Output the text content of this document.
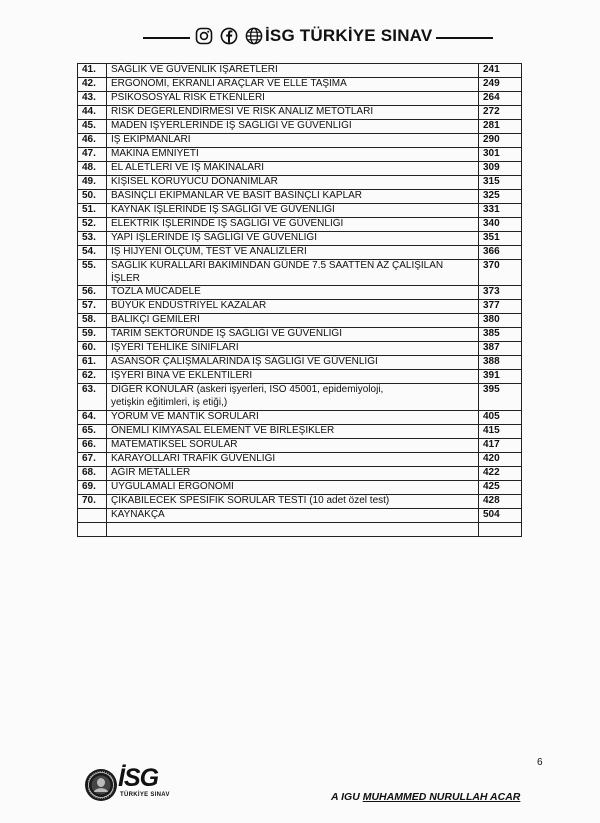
İSG TÜRKİYE SINAV
41.	SAĞLIK VE GÜVENLİK İŞARETLERİ	241
42.	ERGONOMİ, EKRANLI ARAÇLAR VE ELLE TAŞIMA	249
43.	PSİKOSOSYAL RİSK ETKENLERİ	264
44.	RİSK DEĞERLENDİRMESİ VE RİSK ANALİZ METOTLARI	272
45.	MADEN İŞYERLERİNDE İŞ SAĞLIĞI VE GÜVENLİĞİ	281
46.	İŞ EKİPMANLARI	290
47.	MAKİNA EMNİYETİ	301
48.	EL ALETLERİ VE İŞ MAKİNALARI	309
49.	KİŞİSEL KORUYUCU DONANIMLAR	315
50.	BASINÇLI EKİPMANLAR VE BASİT BASINÇLI KAPLAR	325
51.	KAYNAK İŞLERİNDE İŞ SAĞLIĞI VE GÜVENLİĞİ	331
52.	ELEKTRİK İŞLERİNDE İŞ SAĞLIĞI VE GÜVENLİĞİ	340
53.	YAPI İŞLERİNDE İŞ SAĞLIĞI VE GÜVENLİĞİ	351
54.	İŞ HİJYENİ ÖLÇÜM, TEST VE ANALİZLERİ	366
55.	SAĞLIK KURALLARI BAKIMINDAN GÜNDE 7.5 SAATTEN AZ ÇALIŞILAN İŞLER	370
56.	TOZLA MÜCADELE	373
57.	BÜYÜK ENDÜSTRİYEL KAZALAR	377
58.	BALIKÇI GEMİLERİ	380
59.	TARIM SEKTÖRÜNDE İŞ SAĞLIĞI VE GÜVENLİĞİ	385
60.	İŞYERİ TEHLİKE SINIFLARI	387
61.	ASANSÖR ÇALIŞMALARINDA İŞ SAĞLIĞI VE GÜVENLİĞİ	388
62.	İŞYERİ BİNA VE EKLENTİLERİ	391
63.	DİĞER KONULAR (askeri işyerleri, ISO 45001, epidemiyoloji,
yetişkin eğitimleri, iş etiği,)	395
64.	YORUM VE MANTIK SORULARI	405
65.	ÖNEMLİ KİMYASAL ELEMENT VE BİRLEŞİKLER	415
66.	MATEMATİKSEL SORULAR	417
67.	KARAYOLLARI TRAFİK GÜVENLİĞİ	420
68.	AĞIR METALLER	422
69.	UYGULAMALI ERGONOMİ	425
70.	ÇIKABİLECEK SPESİFİK SORULAR TESTİ (10 adet özel test)	428
	KAYNAKÇA	504

6
İSG
TÜRKİYE SINAV	A IGU MUHAMMED NURULLAH ACAR
